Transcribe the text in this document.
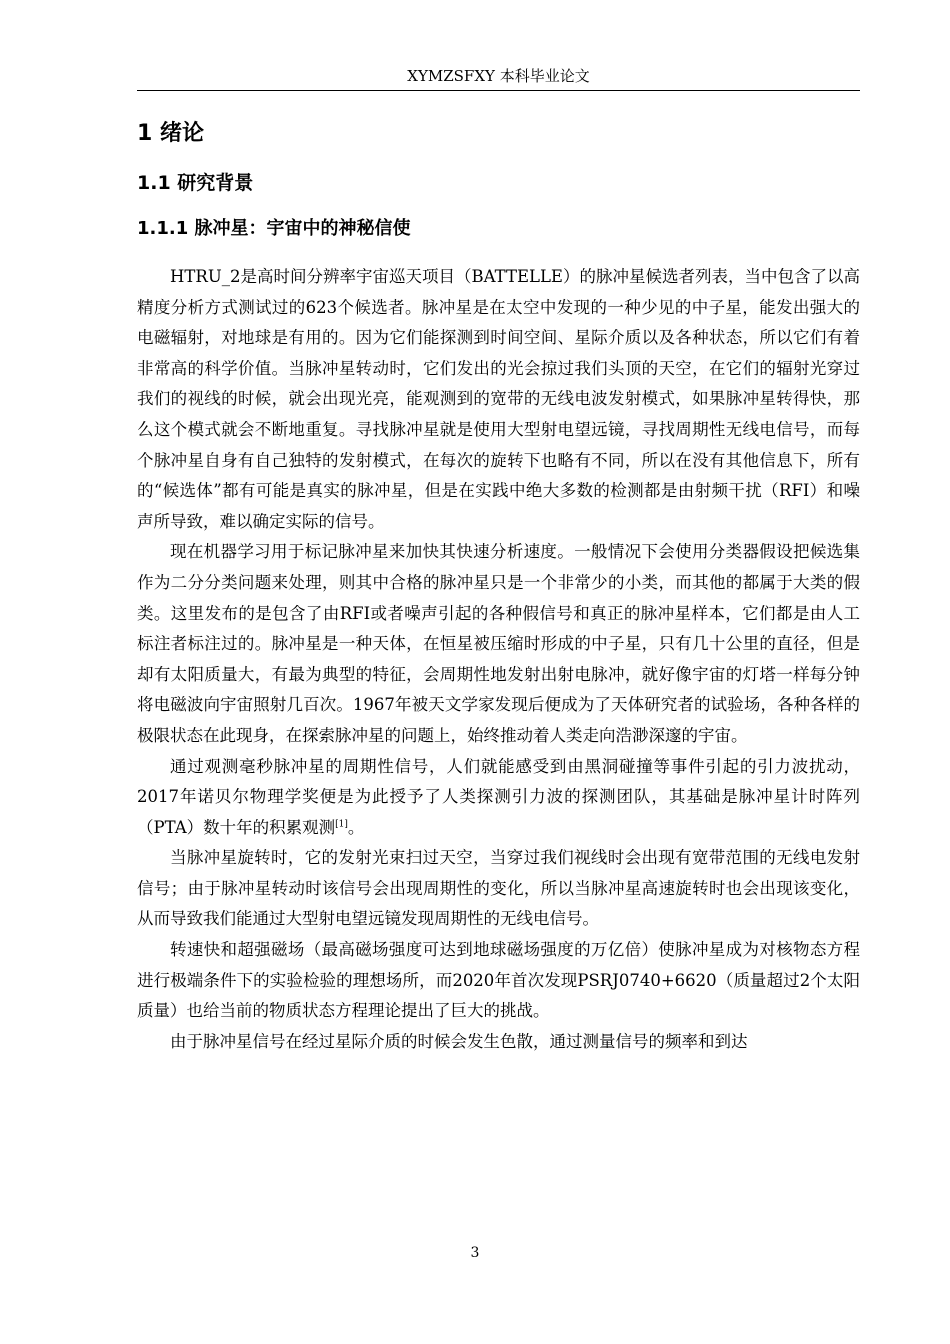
XYMZSFXY 本科毕业论文
1 绪论
1.1 研究背景
1.1.1 脉冲星：宇宙中的神秘信使

HTRU_2是高时间分辨率宇宙巡天项目（BATTELLE）的脉冲星候选者列表，当中包含了以高精度分析方式测试过的623个候选者。脉冲星是在太空中发现的一种少见的中子星，能发出强大的电磁辐射，对地球是有用的。因为它们能探测到时间空间、星际介质以及各种状态，所以它们有着非常高的科学价值。当脉冲星转动时，它们发出的光会掠过我们头顶的天空，在它们的辐射光穿过我们的视线的时候，就会出现光亮，能观测到的宽带的无线电波发射模式，如果脉冲星转得快，那么这个模式就会不断地重复。寻找脉冲星就是使用大型射电望远镜，寻找周期性无线电信号，而每个脉冲星自身有自己独特的发射模式，在每次的旋转下也略有不同，所以在没有其他信息下，所有的“候选体”都有可能是真实的脉冲星，但是在实践中绝大多数的检测都是由射频干扰（RFI）和噪声所导致，难以确定实际的信号。

现在机器学习用于标记脉冲星来加快其快速分析速度。一般情况下会使用分类器假设把候选集作为二分分类问题来处理，则其中合格的脉冲星只是一个非常少的小类，而其他的都属于大类的假类。这里发布的是包含了由RFI或者噪声引起的各种假信号和真正的脉冲星样本，它们都是由人工标注者标注过的。脉冲星是一种天体，在恒星被压缩时形成的中子星，只有几十公里的直径，但是却有太阳质量大，有最为典型的特征，会周期性地发射出射电脉冲，就好像宇宙的灯塔一样每分钟将电磁波向宇宙照射几百次。1967年被天文学家发现后便成为了天体研究者的试验场，各种各样的极限状态在此现身，在探索脉冲星的问题上，始终推动着人类走向浩渺深邃的宇宙。

通过观测毫秒脉冲星的周期性信号，人们就能感受到由黑洞碰撞等事件引起的引力波扰动，2017年诺贝尔物理学奖便是为此授予了人类探测引力波的探测团队，其基础是脉冲星计时阵列（PTA）数十年的积累观测[1]。

当脉冲星旋转时，它的发射光束扫过天空，当穿过我们视线时会出现有宽带范围的无线电发射信号；由于脉冲星转动时该信号会出现周期性的变化，所以当脉冲星高速旋转时也会出现该变化，从而导致我们能通过大型射电望远镜发现周期性的无线电信号。

转速快和超强磁场（最高磁场强度可达到地球磁场强度的万亿倍）使脉冲星成为对核物态方程进行极端条件下的实验检验的理想场所，而2020年首次发现PSRJ0740+6620（质量超过2个太阳质量）也给当前的物质状态方程理论提出了巨大的挑战。

由于脉冲星信号在经过星际介质的时候会发生色散，通过测量信号的频率和到达

3
